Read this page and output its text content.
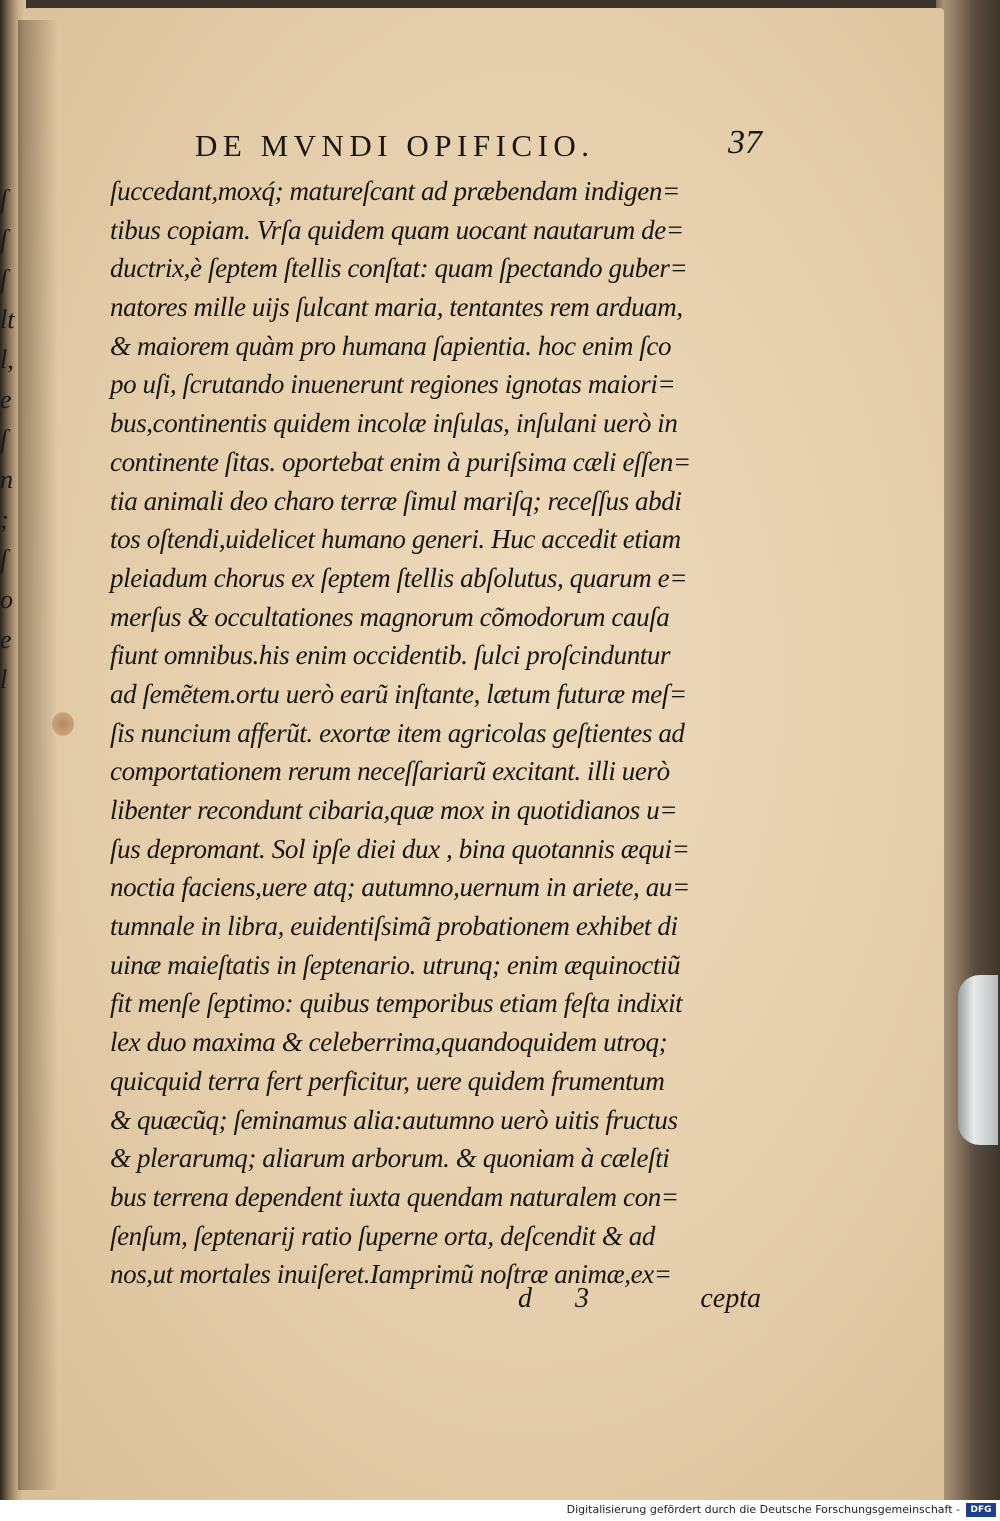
ſ
ſ
ſ
lt
l,
e
ſ
n
;
ſ
o
e
l
DE MVNDI OPIFICIO.	37
ſuccedant,moxq́; matureſcant ad præbendam indigen=
tibus copiam. Vrſa quidem quam uocant nautarum de=
ductrix,è ſeptem ſtellis conſtat: quam ſpectando guber=
natores mille uijs ſulcant maria, tentantes rem arduam,
& maiorem quàm pro humana ſapientia. hoc enim ſco
po uſi, ſcrutando inuenerunt regiones ignotas maiori=
bus,continentis quidem incolæ inſulas, inſulani uerò in
continente ſitas. oportebat enim à puriſsima cæli eſſen=
tia animali deo charo terræ ſimul mariſq; receſſus abdi
tos oſtendi,uidelicet humano generi. Huc accedit etiam
pleiadum chorus ex ſeptem ſtellis abſolutus, quarum e=
merſus & occultationes magnorum cõmodorum cauſa
fiunt omnibus.his enim occidentib. ſulci proſcinduntur
ad ſemẽtem.ortu uerò earũ inſtante, lætum futuræ meſ=
ſis nuncium afferũt. exortæ item agricolas geſtientes ad
comportationem rerum neceſſariarũ excitant. illi uerò
libenter recondunt cibaria,quæ mox in quotidianos u=
ſus depromant. Sol ipſe diei dux , bina quotannis æqui=
noctia faciens,uere atq; autumno,uernum in ariete, au=
tumnale in libra, euidentiſsimã probationem exhibet di
uinæ maieſtatis in ſeptenario. utrunq; enim æquinoctiũ
fit menſe ſeptimo: quibus temporibus etiam feſta indixit
lex duo maxima & celeberrima,quandoquidem utroq;
quicquid terra fert perficitur, uere quidem frumentum
& quæcũq; ſeminamus alia:autumno uerò uitis fructus
& plerarumq; aliarum arborum. & quoniam à cæleſti
bus terrena dependent iuxta quendam naturalem con=
ſenſum, ſeptenarij ratio ſuperne orta, deſcendit & ad
nos,ut mortales inuiſeret.Iamprimũ noſtræ animæ,ex=
d 3	cepta
Digitalisierung gefördert durch die Deutsche Forschungsgemeinschaft -	DFG
